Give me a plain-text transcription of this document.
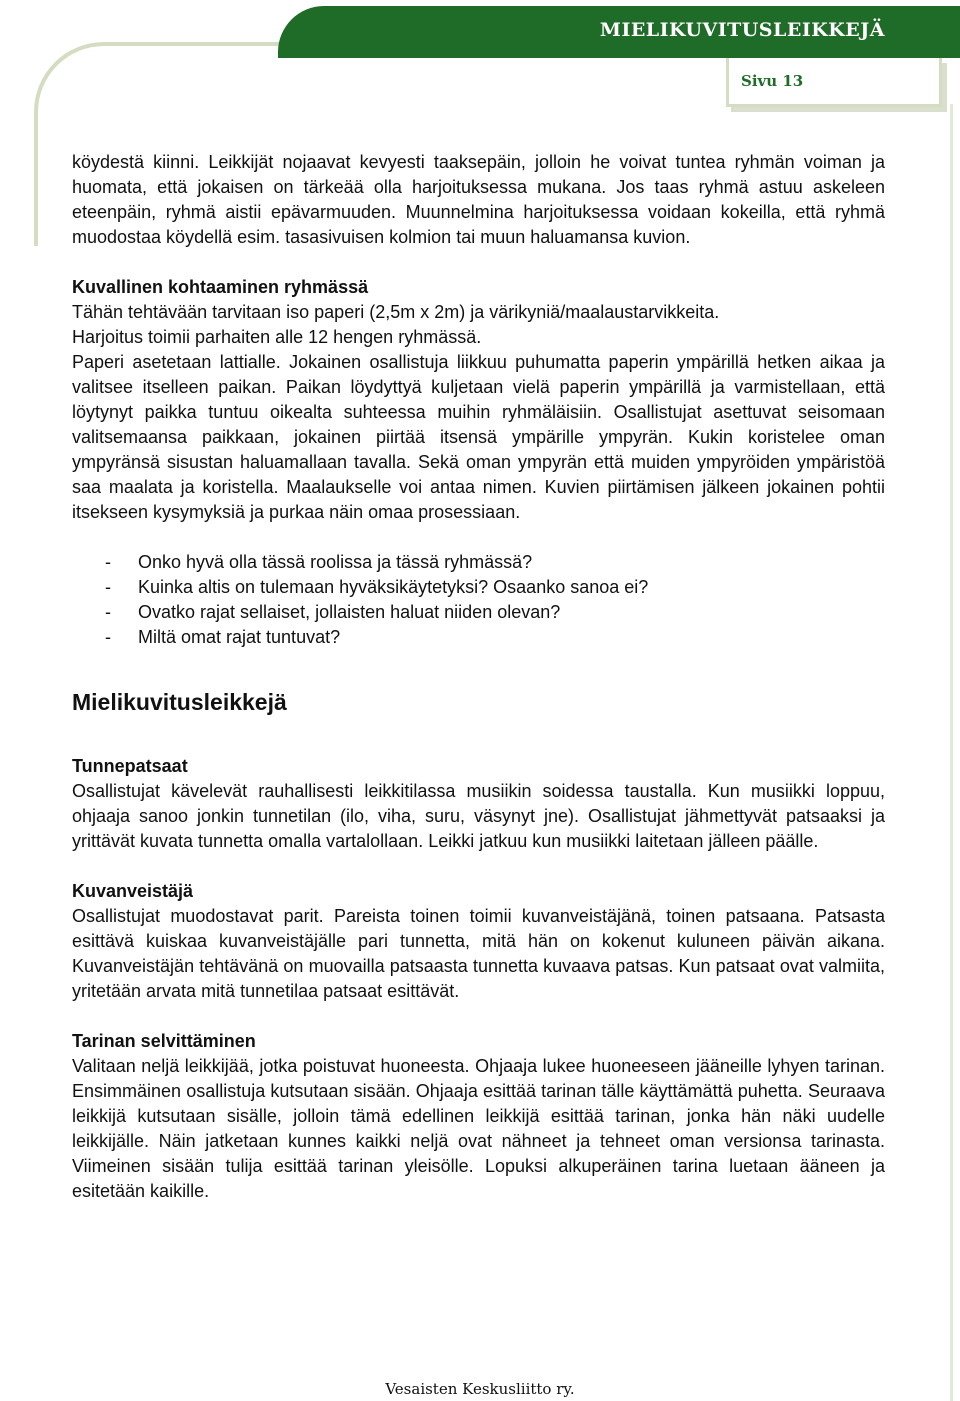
MIELIKUVITUSLEIKKEJÄ
Sivu 13

köydestä kiinni. Leikkijät nojaavat kevyesti taaksepäin, jolloin he voivat tuntea ryhmän voiman ja huomata, että jokaisen on tärkeää olla harjoituksessa mukana. Jos taas ryhmä astuu askeleen eteenpäin, ryhmä aistii epävarmuuden. Muunnelmina harjoituksessa voidaan kokeilla, että ryhmä muodostaa köydellä esim. tasasivuisen kolmion tai muun haluamansa kuvion.

Kuvallinen kohtaaminen ryhmässä

Tähän tehtävään tarvitaan iso paperi (2,5m x 2m) ja värikyniä/maalaustarvikkeita.

Harjoitus toimii parhaiten alle 12 hengen ryhmässä.

Paperi asetetaan lattialle. Jokainen osallistuja liikkuu puhumatta paperin ympärillä hetken aikaa ja valitsee itselleen paikan. Paikan löydyttyä kuljetaan vielä paperin ympärillä ja varmistellaan, että löytynyt paikka tuntuu oikealta suhteessa muihin ryhmäläisiin. Osallistujat asettuvat seisomaan valitsemaansa paikkaan, jokainen piirtää itsensä ympärille ympyrän. Kukin koristelee oman ympyränsä sisustan haluamallaan tavalla. Sekä oman ympyrän että muiden ympyröiden ympäristöä saa maalata ja koristella. Maalaukselle voi antaa nimen. Kuvien piirtämisen jälkeen jokainen pohtii itsekseen kysymyksiä ja purkaa näin omaa prosessiaan.

- Onko hyvä olla tässä roolissa ja tässä ryhmässä?
- Kuinka altis on tulemaan hyväksikäytetyksi? Osaanko sanoa ei?
- Ovatko rajat sellaiset, jollaisten haluat niiden olevan?
- Miltä omat rajat tuntuvat?
Mielikuvitusleikkejä

Tunnepatsaat

Osallistujat kävelevät rauhallisesti leikkitilassa musiikin soidessa taustalla. Kun musiikki loppuu, ohjaaja sanoo jonkin tunnetilan (ilo, viha, suru, väsynyt jne). Osallistujat jähmettyvät patsaaksi ja yrittävät kuvata tunnetta omalla vartalollaan. Leikki jatkuu kun musiikki laitetaan jälleen päälle.

Kuvanveistäjä

Osallistujat muodostavat parit. Pareista toinen toimii kuvanveistäjänä, toinen patsaana. Patsasta esittävä kuiskaa kuvanveistäjälle pari tunnetta, mitä hän on kokenut kuluneen päivän aikana. Kuvanveistäjän tehtävänä on muovailla patsaasta tunnetta kuvaava patsas. Kun patsaat ovat valmiita, yritetään arvata mitä tunnetilaa patsaat esittävät.

Tarinan selvittäminen

Valitaan neljä leikkijää, jotka poistuvat huoneesta. Ohjaaja lukee huoneeseen jääneille lyhyen tarinan. Ensimmäinen osallistuja kutsutaan sisään. Ohjaaja esittää tarinan tälle käyttämättä puhetta. Seuraava leikkijä kutsutaan sisälle, jolloin tämä edellinen leikkijä esittää tarinan, jonka hän näki uudelle leikkijälle. Näin jatketaan kunnes kaikki neljä ovat nähneet ja tehneet oman versionsa tarinasta. Viimeinen sisään tulija esittää tarinan yleisölle. Lopuksi alkuperäinen tarina luetaan ääneen ja esitetään kaikille.

Vesaisten Keskusliitto ry.
